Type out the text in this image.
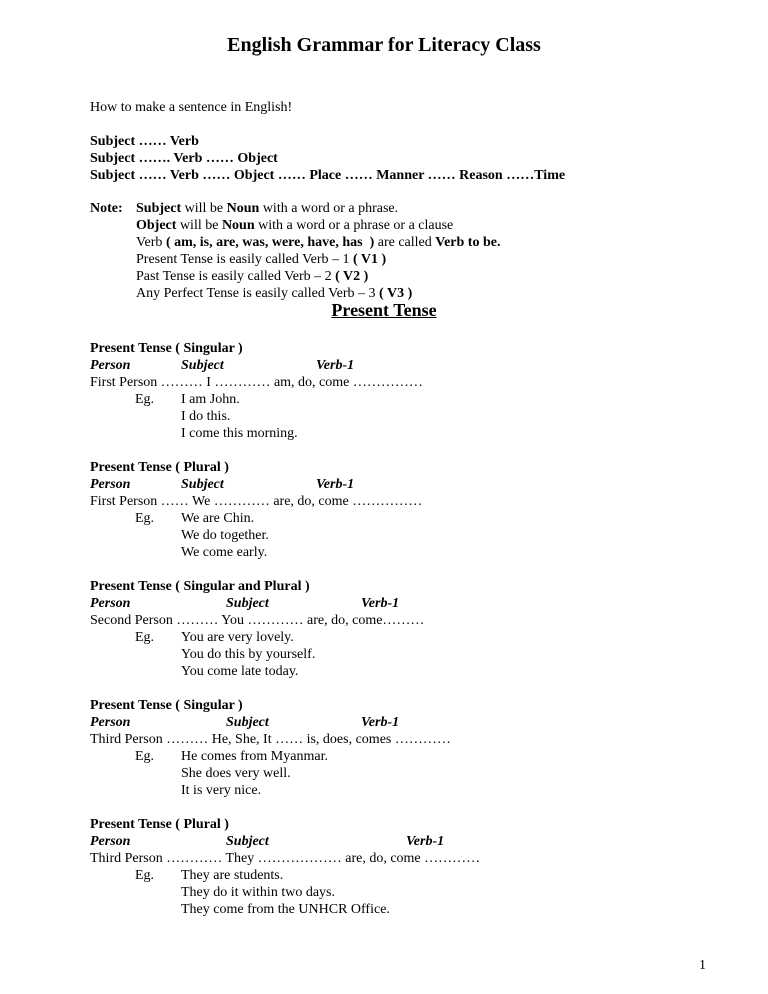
English Grammar for Literacy Class
How to make a sentence in English!
Subject …… Verb
Subject ……. Verb …… Object
Subject …… Verb …… Object …… Place …… Manner …… Reason ……Time
Note: Subject will be Noun with a word or a phrase.
Object will be Noun with a word or a phrase or a clause
Verb ( am, is, are, was, were, have, has  ) are called Verb to be.
Present Tense is easily called Verb – 1 ( V1 )
Past Tense is easily called Verb – 2 ( V2 )
Any Perfect Tense is easily called Verb – 3 ( V3 )
Present Tense
Present Tense ( Singular )
Person	Subject	Verb-1
First Person ……… I ………… am, do, come ……………
Eg. I am John.
I do this.
I come this morning.
Present Tense ( Plural )
Person	Subject	Verb-1
First Person …… We ………… are, do, come ……………
Eg. We are Chin.
We do together.
We come early.
Present Tense ( Singular and Plural )
Person	Subject	Verb-1
Second Person ……… You ………… are, do, come………
Eg. You are very lovely.
You do this by yourself.
You come late today.
Present Tense ( Singular )
Person	Subject	Verb-1
Third Person ……… He, She, It …… is, does, comes …………
Eg. He comes from Myanmar.
She does very well.
It is very nice.
Present Tense ( Plural )
Person	Subject	Verb-1
Third Person ………… They ……………… are, do, come …………
Eg. They are students.
They do it within two days.
They come from the UNHCR Office.
1
